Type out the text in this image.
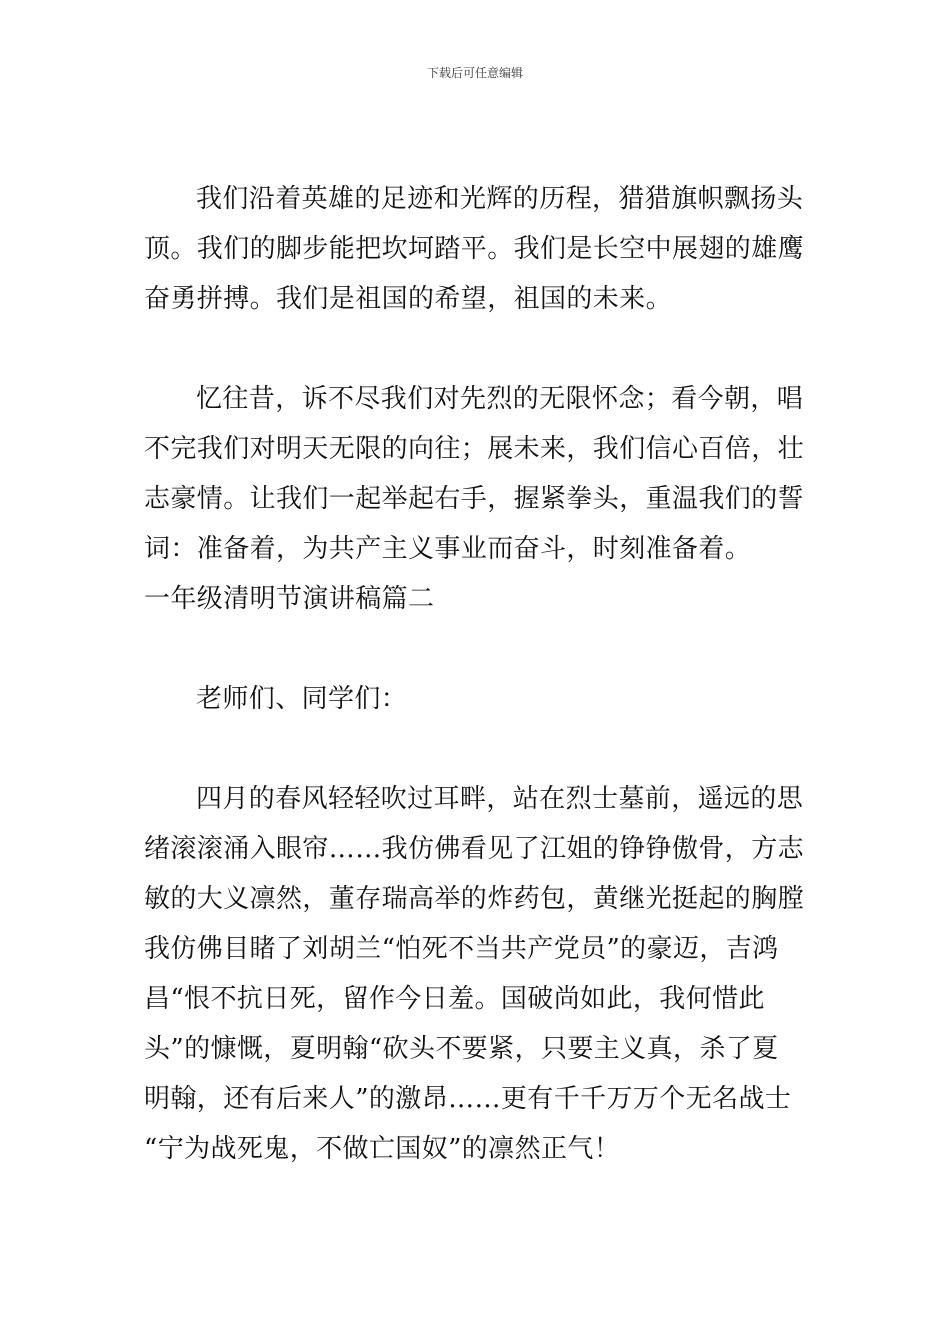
下载后可任意编辑
我们沿着英雄的足迹和光辉的历程，猎猎旗帜飘扬头
顶。我们的脚步能把坎坷踏平。我们是长空中展翅的雄鹰
奋勇拼搏。我们是祖国的希望，祖国的未来。
忆往昔，诉不尽我们对先烈的无限怀念；看今朝，唱
不完我们对明天无限的向往；展未来，我们信心百倍，壮
志豪情。让我们一起举起右手，握紧拳头，重温我们的誓
词：准备着，为共产主义事业而奋斗，时刻准备着。
一年级清明节演讲稿篇二
老师们、同学们：
四月的春风轻轻吹过耳畔，站在烈士墓前，遥远的思
绪滚滚涌入眼帘……我仿佛看见了江姐的铮铮傲骨，方志
敏的大义凛然，董存瑞高举的炸药包，黄继光挺起的胸膛
我仿佛目睹了刘胡兰“怕死不当共产党员”的豪迈，吉鸿
昌“恨不抗日死，留作今日羞。国破尚如此，我何惜此
头”的慷慨，夏明翰“砍头不要紧，只要主义真，杀了夏
明翰，还有后来人”的激昂……更有千千万万个无名战士
“宁为战死鬼，不做亡国奴”的凛然正气！
